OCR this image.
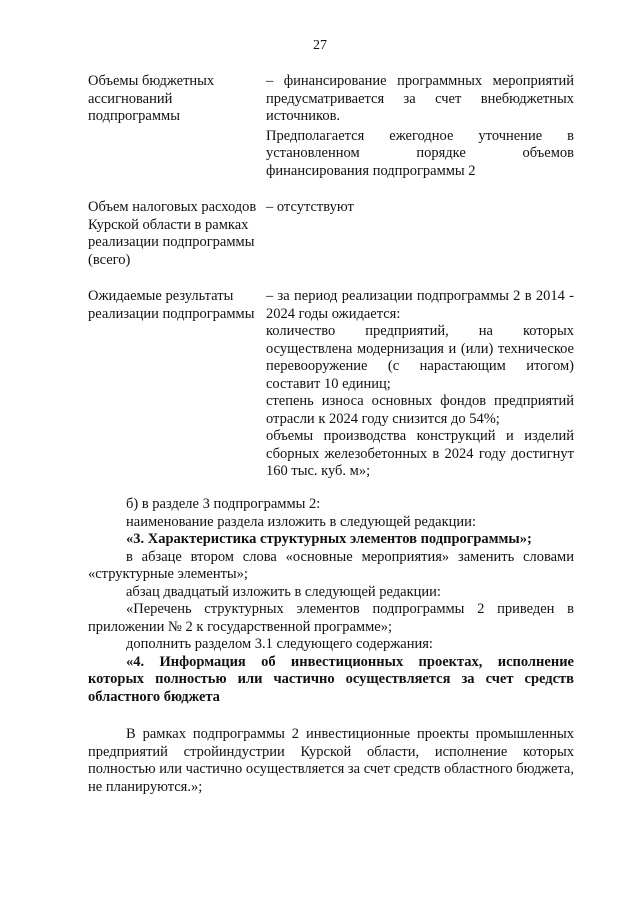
27
Объемы бюджетных ассигнований подпрограммы	– финансирование программных мероприятий предусматривается за счет внебюджетных источников.
Предполагается ежегодное уточнение в установленном порядке объемов финансирования подпрограммы 2

Объем налоговых расходов Курской области в рамках реализации подпрограммы (всего)	– отсутствуют

Ожидаемые результаты реализации подпрограммы	– за период реализации подпрограммы 2 в 2014 - 2024 годы ожидается:
количество предприятий, на которых осуществлена модернизация и (или) техническое перевооружение (с нарастающим итогом) составит 10 единиц;
степень износа основных фондов предприятий отрасли к 2024 году снизится до 54%;
объемы производства конструкций и изделий сборных железобетонных в 2024 году достигнут 160 тыс. куб. м»;

б) в разделе 3 подпрограммы 2:

наименование раздела изложить в следующей редакции:

«3. Характеристика структурных элементов подпрограммы»;

в абзаце втором слова «основные мероприятия» заменить словами «структурные элементы»;

абзац двадцатый изложить в следующей редакции:

«Перечень структурных элементов подпрограммы 2 приведен в приложении № 2 к государственной программе»;

дополнить разделом 3.1 следующего содержания:

«4. Информация об инвестиционных проектах, исполнение которых полностью или частично осуществляется за счет средств областного бюджета

В рамках подпрограммы 2 инвестиционные проекты промышленных предприятий стройиндустрии Курской области, исполнение которых полностью или частично осуществляется за счет средств областного бюджета, не планируются.»;
